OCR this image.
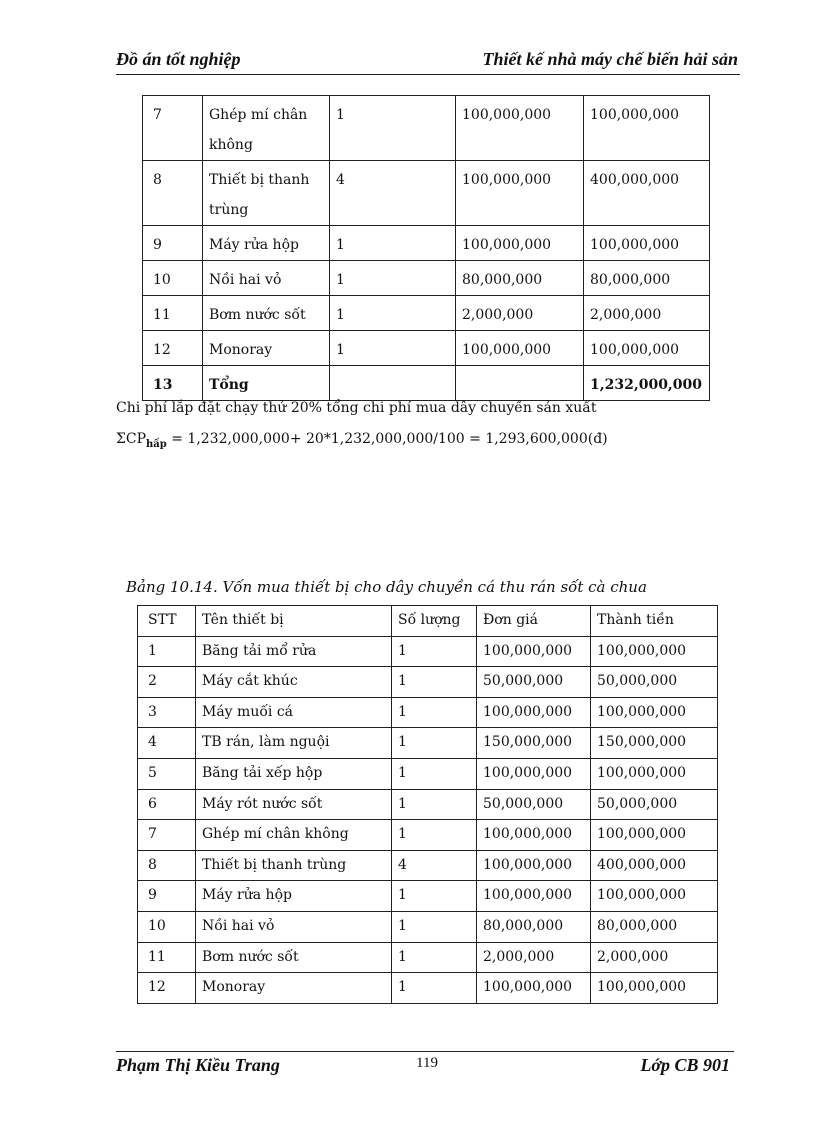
Đồ án tốt nghiệp	Thiết kế nhà máy chế biến hải sản
7	Ghép mí chân không	1	100,000,000	100,000,000
8	Thiết bị thanh trùng	4	100,000,000	400,000,000
9	Máy rửa hộp	1	100,000,000	100,000,000
10	Nồi hai vỏ	1	80,000,000	80,000,000
11	Bơm nước sốt	1	2,000,000	2,000,000
12	Monoray	1	100,000,000	100,000,000
13	Tổng			1,232,000,000
Chi phí lắp đặt chạy thử 20% tổng chi phí mua dây chuyền sản xuất
$\Sigma CP_{hấp} = 1,232,000,000+ 20*1,232,000,000/100$ = 1,293,600,000(đ)
Bảng 10.14. Vốn mua thiết bị cho dây chuyền cá thu rán sốt cà chua
STT	Tên thiết bị	Số lượng	Đơn giá	Thành tiền
1	Băng tải mổ rửa	1	100,000,000	100,000,000
2	Máy cắt khúc	1	50,000,000	50,000,000
3	Máy muối cá	1	100,000,000	100,000,000
4	TB rán, làm nguội	1	150,000,000	150,000,000
5	Băng tải xếp hộp	1	100,000,000	100,000,000
6	Máy rót nước sốt	1	50,000,000	50,000,000
7	Ghép mí chân không	1	100,000,000	100,000,000
8	Thiết bị thanh trùng	4	100,000,000	400,000,000
9	Máy rửa hộp	1	100,000,000	100,000,000
10	Nồi hai vỏ	1	80,000,000	80,000,000
11	Bơm nước sốt	1	2,000,000	2,000,000
12	Monoray	1	100,000,000	100,000,000
Phạm Thị Kiều Trang	119	Lớp CB 901
